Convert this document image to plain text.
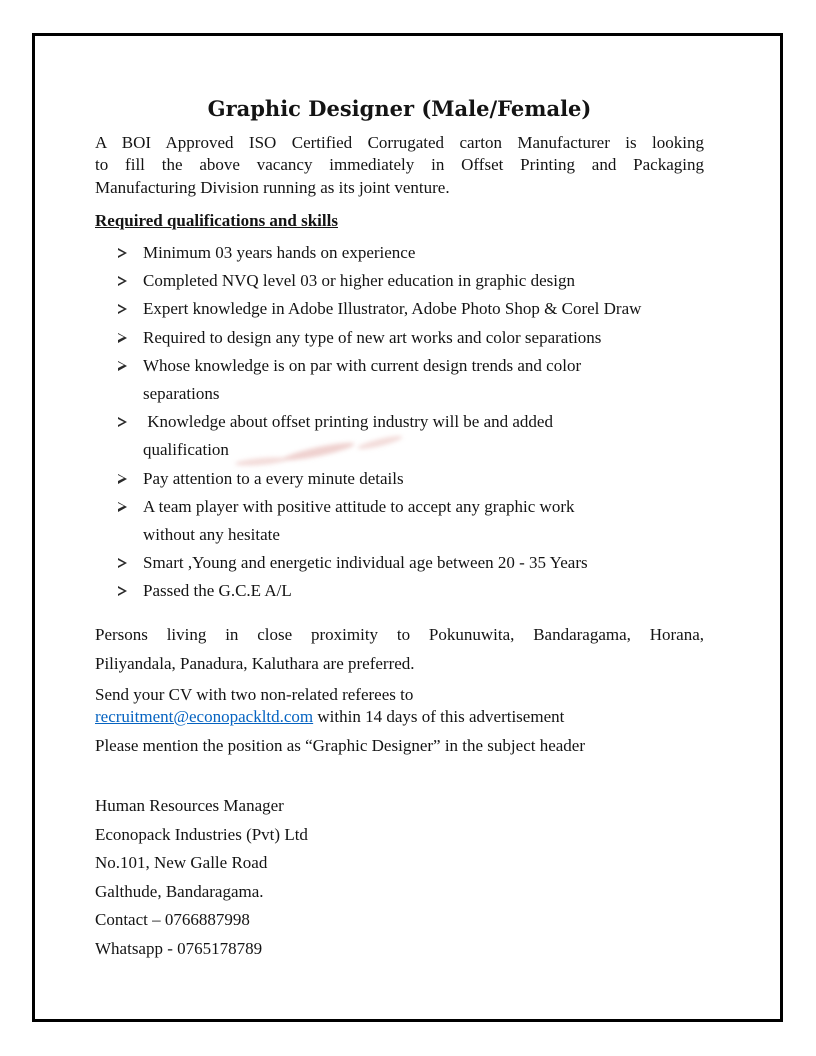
Graphic Designer (Male/Female)
A BOI Approved ISO Certified Corrugated carton Manufacturer is looking
to fill the above vacancy immediately in Offset Printing and Packaging
Manufacturing Division running as its joint venture.
Required qualifications and skills
Minimum 03 years hands on experience
Completed NVQ level 03 or higher education in graphic design
Expert knowledge in Adobe Illustrator, Adobe Photo Shop & Corel Draw
Required to design any type of new art works and color separations
Whose knowledge is on par with current design trends and color
separations
Knowledge about offset printing industry will be and added
qualification
Pay attention to a every minute details
A team player with positive attitude to accept any graphic work
without any hesitate
Smart ,Young and energetic individual age between 20 - 35 Years
Passed the G.C.E A/L
Persons living in close proximity to Pokunuwita, Bandaragama, Horana,
Piliyandala, Panadura, Kaluthara are preferred.
Send your CV with two non-related referees to
recruitment@econopackltd.com within 14 days of this advertisement
Please mention the position as “Graphic Designer” in the subject header
Human Resources Manager
Econopack Industries (Pvt) Ltd
No.101, New Galle Road
Galthude, Bandaragama.
Contact – 0766887998
Whatsapp - 0765178789
